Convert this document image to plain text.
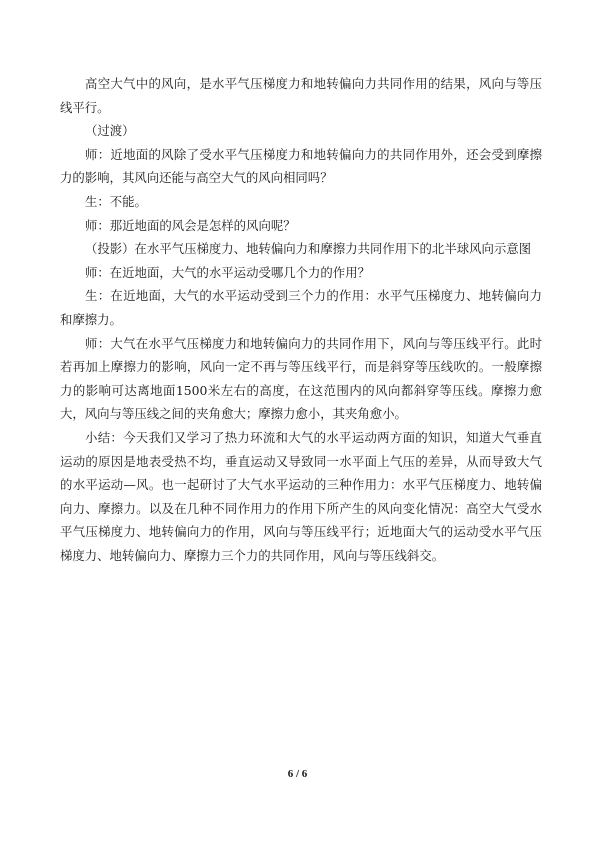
高空大气中的风向，是水平气压梯度力和地转偏向力共同作用的结果，风向与等压线平行。

（过渡）

师：近地面的风除了受水平气压梯度力和地转偏向力的共同作用外，还会受到摩擦力的影响，其风向还能与高空大气的风向相同吗？

生：不能。

师：那近地面的风会是怎样的风向呢？

（投影）在水平气压梯度力、地转偏向力和摩擦力共同作用下的北半球风向示意图

师：在近地面，大气的水平运动受哪几个力的作用？

生：在近地面，大气的水平运动受到三个力的作用：水平气压梯度力、地转偏向力和摩擦力。

师：大气在水平气压梯度力和地转偏向力的共同作用下，风向与等压线平行。此时若再加上摩擦力的影响，风向一定不再与等压线平行，而是斜穿等压线吹的。一般摩擦力的影响可达离地面1500米左右的高度，在这范围内的风向都斜穿等压线。摩擦力愈大，风向与等压线之间的夹角愈大；摩擦力愈小，其夹角愈小。

小结：今天我们又学习了热力环流和大气的水平运动两方面的知识，知道大气垂直运动的原因是地表受热不均，垂直运动又导致同一水平面上气压的差异，从而导致大气的水平运动—风。也一起研讨了大气水平运动的三种作用力：水平气压梯度力、地转偏向力、摩擦力。以及在几种不同作用力的作用下所产生的风向变化情况：高空大气受水平气压梯度力、地转偏向力的作用，风向与等压线平行；近地面大气的运动受水平气压梯度力、地转偏向力、摩擦力三个力的共同作用，风向与等压线斜交。

6 / 6
